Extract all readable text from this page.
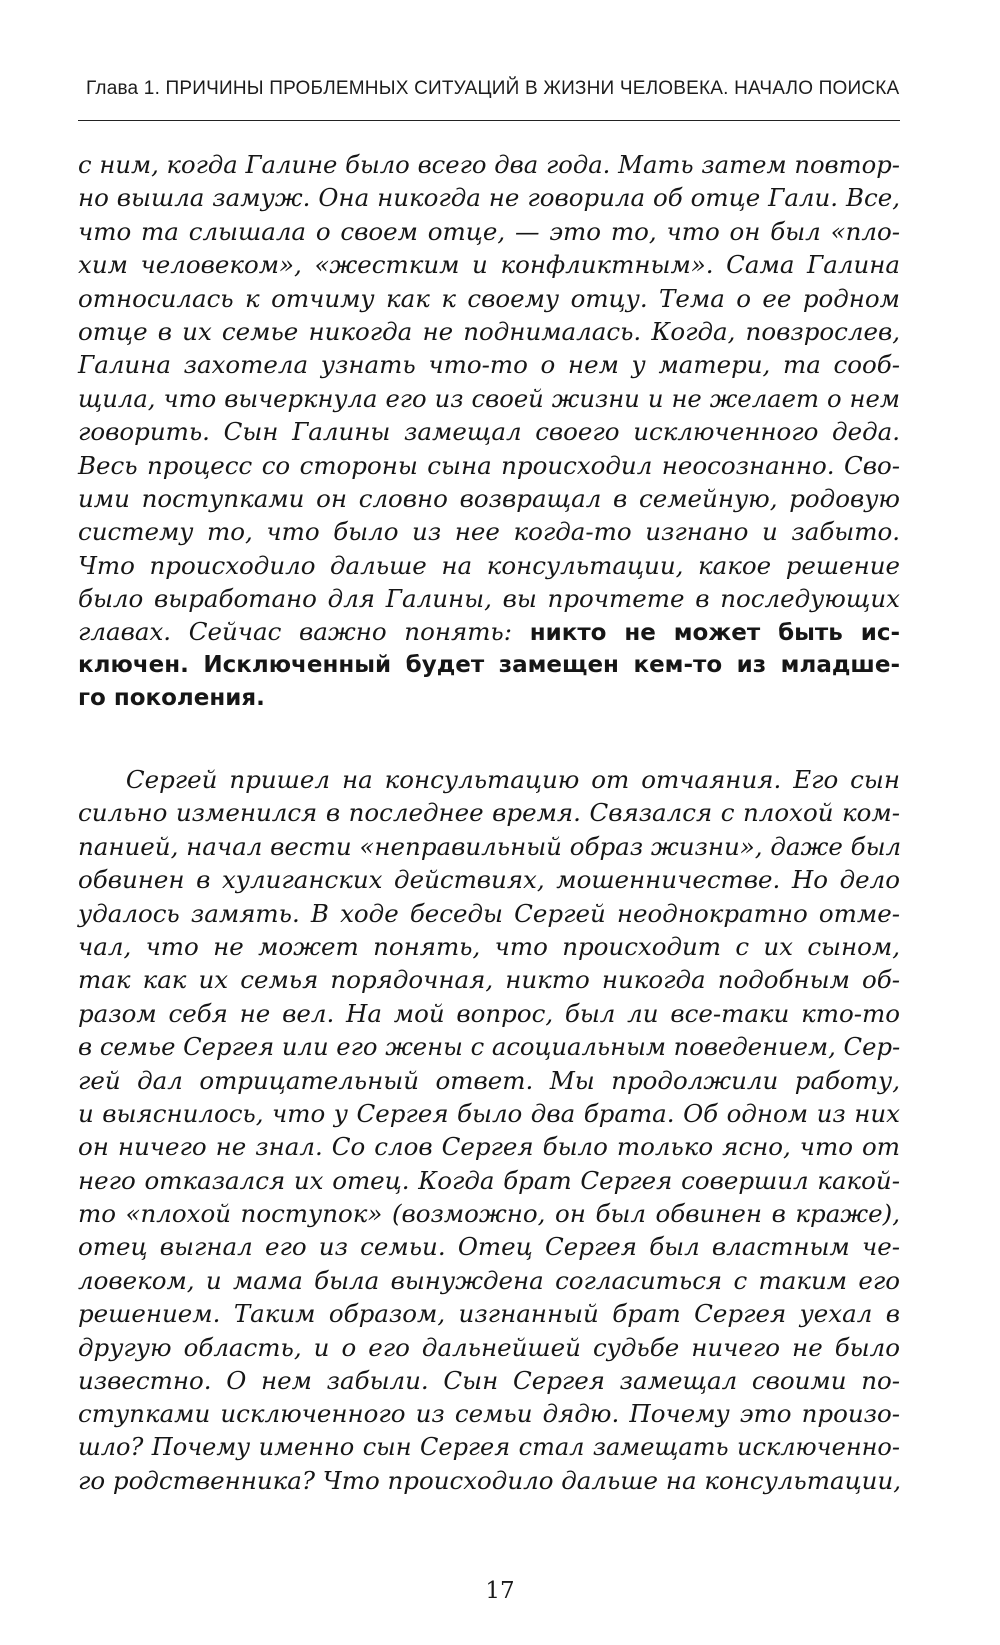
Глава 1. ПРИЧИНЫ ПРОБЛЕМНЫХ СИТУАЦИЙ В ЖИЗНИ ЧЕЛОВЕКА. НАЧАЛО ПОИСКА
с ним, когда Галине было всего два года. Мать затем повтор-
но вышла замуж. Она никогда не говорила об отце Гали. Все,
что та слышала о своем отце, — это то, что он был «пло-
хим человеком», «жестким и конфликтным». Сама Галина
относилась к отчиму как к своему отцу. Тема о ее родном
отце в их семье никогда не поднималась. Когда, повзрослев,
Галина захотела узнать что-то о нем у матери, та сооб-
щила, что вычеркнула его из своей жизни и не желает о нем
говорить. Сын Галины замещал своего исключенного деда.
Весь процесс со стороны сына происходил неосознанно. Сво-
ими поступками он словно возвращал в семейную, родовую
систему то, что было из нее когда-то изгнано и забыто.
Что происходило дальше на консультации, какое решение
было выработано для Галины, вы прочтете в последующих
главах. Сейчас важно понять: никто не может быть ис-
ключен. Исключенный будет замещен кем-то из младше-
го поколения.
Сергей пришел на консультацию от отчаяния. Его сын
сильно изменился в последнее время. Связался с плохой ком-
панией, начал вести «неправильный образ жизни», даже был
обвинен в хулиганских действиях, мошенничестве. Но дело
удалось замять. В ходе беседы Сергей неоднократно отме-
чал, что не может понять, что происходит с их сыном,
так как их семья порядочная, никто никогда подобным об-
разом себя не вел. На мой вопрос, был ли все-таки кто-то
в семье Сергея или его жены с асоциальным поведением, Сер-
гей дал отрицательный ответ. Мы продолжили работу,
и выяснилось, что у Сергея было два брата. Об одном из них
он ничего не знал. Со слов Сергея было только ясно, что от
него отказался их отец. Когда брат Сергея совершил какой-
то «плохой поступок» (возможно, он был обвинен в краже),
отец выгнал его из семьи. Отец Сергея был властным че-
ловеком, и мама была вынуждена согласиться с таким его
решением. Таким образом, изгнанный брат Сергея уехал в
другую область, и о его дальнейшей судьбе ничего не было
известно. О нем забыли. Сын Сергея замещал своими по-
ступками исключенного из семьи дядю. Почему это произо-
шло? Почему именно сын Сергея стал замещать исключенно-
го родственника? Что происходило дальше на консультации,
17
